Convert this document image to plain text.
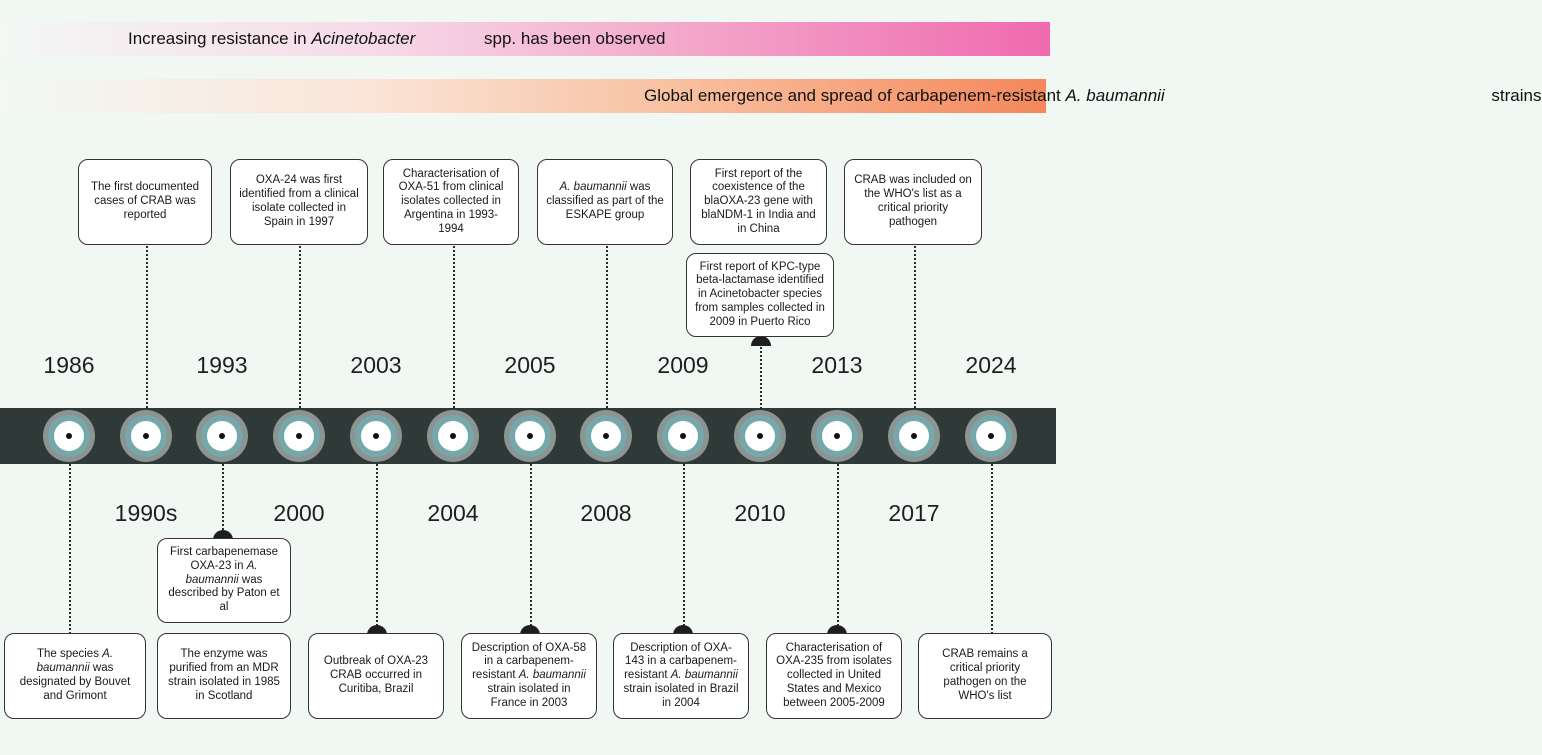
Increasing resistance in Acinetobacter	spp. has been observed
Global emergence and spread of carbapenem-resistant A. baumannii	strains
1986
1990s
1993
2000
2003
2004
2005
2008
2009
2010
2013
2017
2024
The first documented cases of CRAB was reported
OXA-24 was first identified from a clinical isolate collected in Spain in 1997
Characterisation of OXA-51 from clinical isolates collected in Argentina in 1993-1994
A. baumannii was classified as part of the ESKAPE group
First report of the coexistence of the blaOXA-23 gene with blaNDM-1 in India and in China
First report of KPC-type beta-lactamase identified in Acinetobacter species from samples collected in 2009 in Puerto Rico
CRAB was included on the WHO's list as a critical priority pathogen
First carbapenemase OXA-23 in A. baumannii was described by Paton et al
The species A. baumannii was designated by Bouvet and Grimont
The enzyme was purified from an MDR strain isolated in 1985 in Scotland
Outbreak of OXA-23 CRAB occurred in Curitiba, Brazil
Description of OXA-58 in a carbapenem-resistant A. baumannii strain isolated in France in 2003
Description of OXA-143 in a carbapenem-resistant A. baumannii strain isolated in Brazil in 2004
Characterisation of OXA-235 from isolates collected in United States and Mexico between 2005-2009
CRAB remains a critical priority pathogen on the WHO's list
